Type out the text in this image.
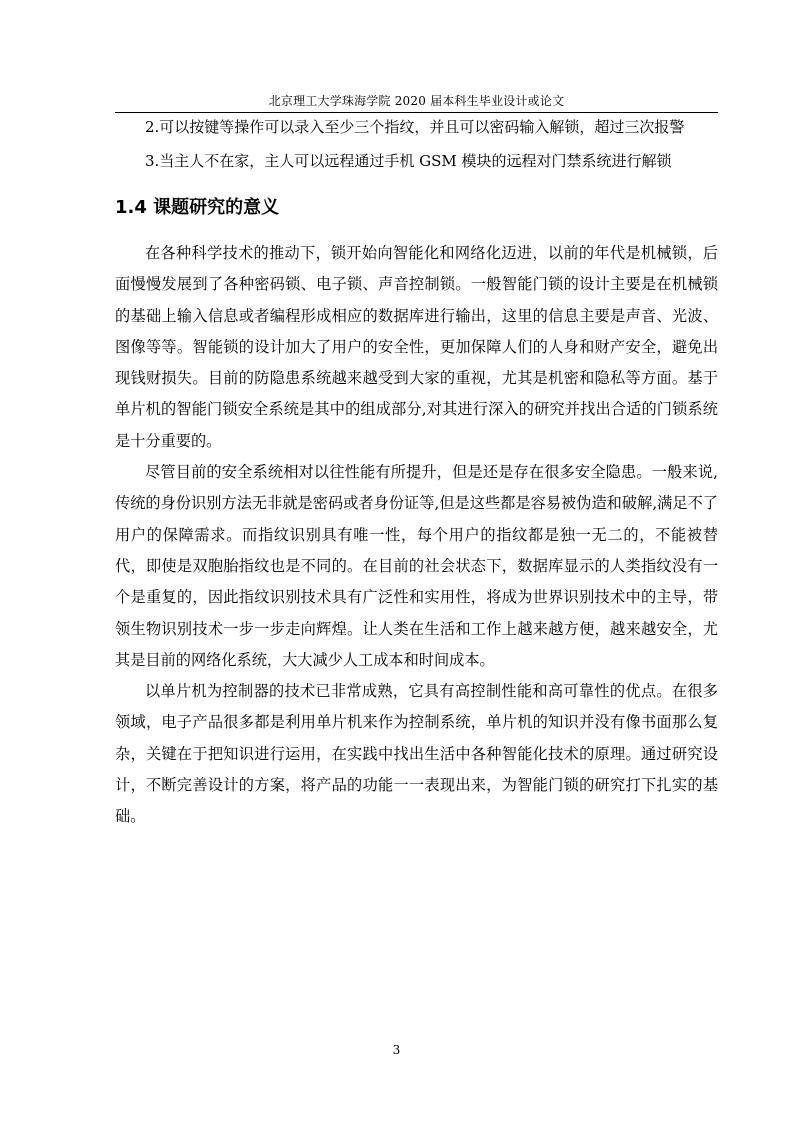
北京理工大学珠海学院 2020 届本科生毕业设计或论文
2.可以按键等操作可以录入至少三个指纹，并且可以密码输入解锁，超过三次报警
3.当主人不在家，主人可以远程通过手机 GSM 模块的远程对门禁系统进行解锁
1.4 课题研究的意义

在各种科学技术的推动下，锁开始向智能化和网络化迈进，以前的年代是机械锁，后面慢慢发展到了各种密码锁、电子锁、声音控制锁。一般智能门锁的设计主要是在机械锁的基础上输入信息或者编程形成相应的数据库进行输出，这里的信息主要是声音、光波、图像等等。智能锁的设计加大了用户的安全性，更加保障人们的人身和财产安全，避免出现钱财损失。目前的防隐患系统越来越受到大家的重视，尤其是机密和隐私等方面。基于单片机的智能门锁安全系统是其中的组成部分,对其进行深入的研究并找出合适的门锁系统是十分重要的。

尽管目前的安全系统相对以往性能有所提升，但是还是存在很多安全隐患。一般来说,传统的身份识别方法无非就是密码或者身份证等,但是这些都是容易被伪造和破解,满足不了用户的保障需求。而指纹识别具有唯一性，每个用户的指纹都是独一无二的，不能被替代，即使是双胞胎指纹也是不同的。在目前的社会状态下，数据库显示的人类指纹没有一个是重复的，因此指纹识别技术具有广泛性和实用性，将成为世界识别技术中的主导，带领生物识别技术一步一步走向辉煌。让人类在生活和工作上越来越方便，越来越安全，尤其是目前的网络化系统，大大减少人工成本和时间成本。

以单片机为控制器的技术已非常成熟，它具有高控制性能和高可靠性的优点。在很多领域，电子产品很多都是利用单片机来作为控制系统，单片机的知识并没有像书面那么复杂，关键在于把知识进行运用，在实践中找出生活中各种智能化技术的原理。通过研究设计，不断完善设计的方案，将产品的功能一一表现出来，为智能门锁的研究打下扎实的基础。

3
